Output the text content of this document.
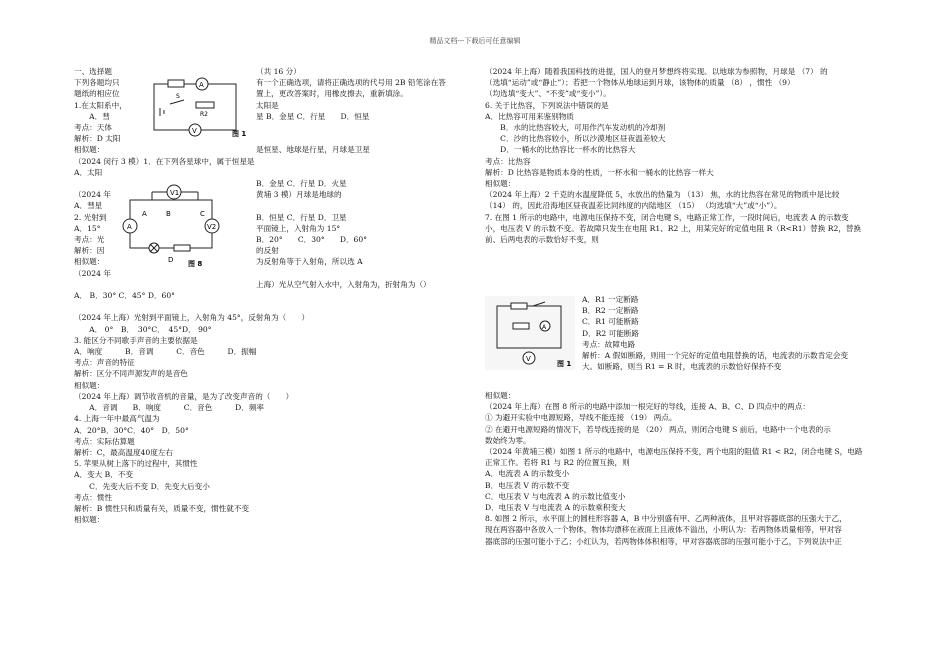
精品文档---下载后可任意编辑

一、选择题

下列各题均只

题纸的相应位

1.在太阳系中，

　　A．彗

考点：天体

解析：D 太阳

相似题：

（2024 闵行 3 模）1．在下列各星球中，属于恒星是

A．太阳

（2024 年

A．彗星

2. 光射到

A．15°

考点：光

解析：因

相似题：

（2024 年

A． B．30° C．45° D．60°

（2024 年上海）光射到平面镜上，入射角为 45°，反射角为（　　）

　　A． 0°　B．　30°C．　45°D． 90°

3. 能区分不同歌手声音的主要依据是

A．响度　　　B．音调　　　C．音色　　　D．振幅

考点：声音的特征

解析：区分不同声源发声的是音色

相似题：

（2024 年上海）调节收音机的音量，是为了改变声音的（　　）

　　A．音调　　B．响度　　　C．音色　　　D．频率

4. 上海一年中最高气温为

A．20°B．30°C．40°　D．50°

考点：实际估算题

解析：C，最高温度40度左右

5. 苹果从树上落下的过程中，其惯性

A．变大 B．不变

　　C．先变大后不变 D．先变大后变小

考点：惯性

解析：B 惯性只和质量有关，质量不变，惯性就不变

相似题：

（共 16 分）

有一个正确选项，请将正确选项的代号用 2B 铅笔涂在答

置上，更改答案时，用橡皮擦去，重新填涂。

太阳是

星 B．金星 C．行星　　D．恒星

是恒星、地球是行星，月球是卫星

B．金星 C．行星 D．火星

黄埔 3 模）月球是地球的

B．恒星 C．行星 D．卫星

平面镜上，入射角为 15°

B．20°　　C．30°　　D．60°

的反射

为反射角等于入射角，所以选 A

上海）光从空气射入水中，入射角为，折射角为（）

（2024 年上海）随着我国科技的进提，国人的登月梦想终将实现。以地球为参照物，月球是 （7） 的

（选填“运动”或“静止”）；若把一个物体从地球运到月球，该物体的质量 （8） ，惯性 （9）

（均选填“变大”、“不变”或“变小”）。

6. 关于比热容，下列说法中错误的是

A．比热容可用来鉴别物质

　　B．水的比热容较大，可用作汽车发动机的冷却剂

　　C．沙的比热容较小，所以沙漠地区昼夜温差较大

　　D．一桶水的比热容比一杯水的比热容大

考点：比热容

解析：D 比热容是物质本身的性质，一杯水和一桶水的比热容一样大

相似题：

（2024 年上海）2 千克的水温度降低 5，水放出的热量为 （13） 焦，水的比热容在常见的物质中是比较

（14） 的，因此沿海地区昼夜温差比同纬度的内陆地区 （15） （均选填“大”或“小”）。

7. 在图 1 所示的电路中，电源电压保持不变，闭合电键 S，电路正常工作，一段时间后，电流表 A 的示数变

小，电压表 V 的示数不变。若故障只发生在电阻 R1、R2 上，用某完好的定值电阻 R（R<R1）替换 R2，替换

前、后两电表的示数恰好不变，则

A
V
S
R2
图 1
V1
A	V2
A	B	C
D 图 8
A
V
图 1

A．R1 一定断路

B．R2 一定断路

C．R1 可能断路

D．R2 可能断路

考点：故障电路

解析：A 假如断路，则用一个完好的定值电阻替换的话，电流表的示数肯定会变

大。如断路，则当 R1 = R 时，电流表的示数恰好保持不变

相似题：

（2024 年上海）在图 8 所示的电路中添加一根完好的导线，连接 A、B、C、D 四点中的两点：

① 为避开实验中电源短路，导线不能连接 （19） 两点。

② 在避开电源短路的情况下，若导线连接的是 （20） 两点，则闭合电键 S 前后，电路中一个电表的示

数始终为零。

（2024 年黄埔三模）如图 1 所示的电路中，电源电压保持不变，两个电阻的阻值 R1 < R2，闭合电键 S，电路

正常工作。若将 R1 与 R2 的位置互换，则

A．电流表 A 的示数变小

B．电压表 V 的示数不变

C．电压表 V 与电流表 A 的示数比值变小

D．电压表 V 与电流表 A 的示数乘积变大

8. 如图 2 所示，水平面上的圆柱形容器 A，B 中分别盛有甲、乙两种液体，且甲对容器底部的压强大于乙，

现在两容器中各放入一个物体，物体均漂移在液面上且液体不溢出，小明认为：若两物体质量相等，甲对容

器底部的压强可能小于乙；小红认为，若两物体体积相等，甲对容器底部的压强可能小于乙，下列说法中正
